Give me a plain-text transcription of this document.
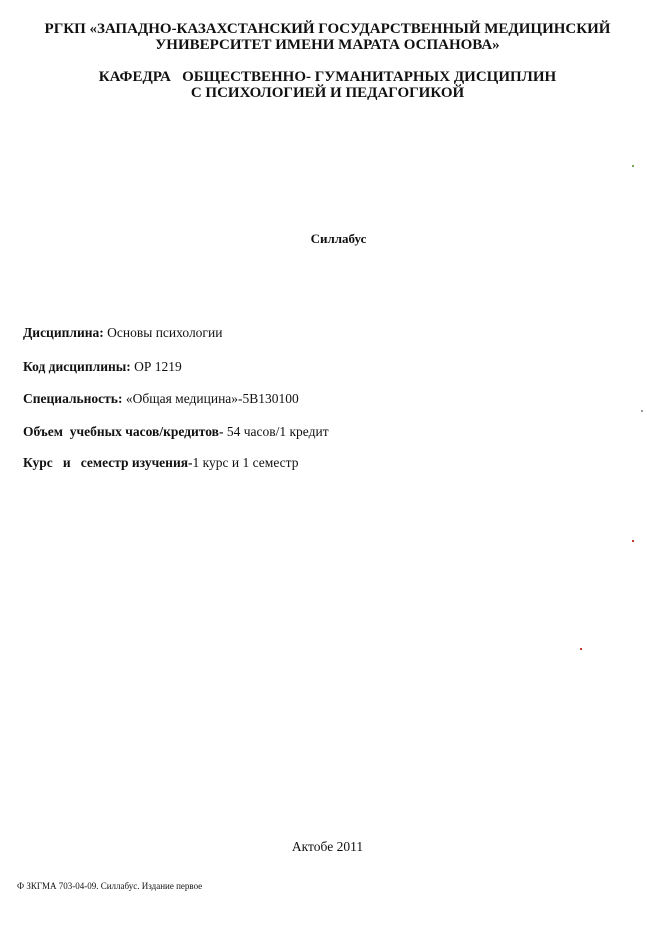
РГКП «ЗАПАДНО-КАЗАХСТАНСКИЙ ГОСУДАРСТВЕННЫЙ МЕДИЦИНСКИЙ
УНИВЕРСИТЕТ ИМЕНИ МАРАТА ОСПАНОВА»
КАФЕДРА   ОБЩЕСТВЕННО- ГУМАНИТАРНЫХ ДИСЦИПЛИН
С ПСИХОЛОГИЕЙ И ПЕДАГОГИКОЙ
Силлабус
Дисциплина: Основы психологии
Код дисциплины: ОР 1219
Специальность: «Общая медицина»-5В130100
Объем  учебных часов/кредитов- 54 часов/1 кредит
Курс   и   семестр изучения-1 курс и 1 семестр
Актобе 2011
Ф ЗКГМА 703-04-09. Силлабус. Издание первое
